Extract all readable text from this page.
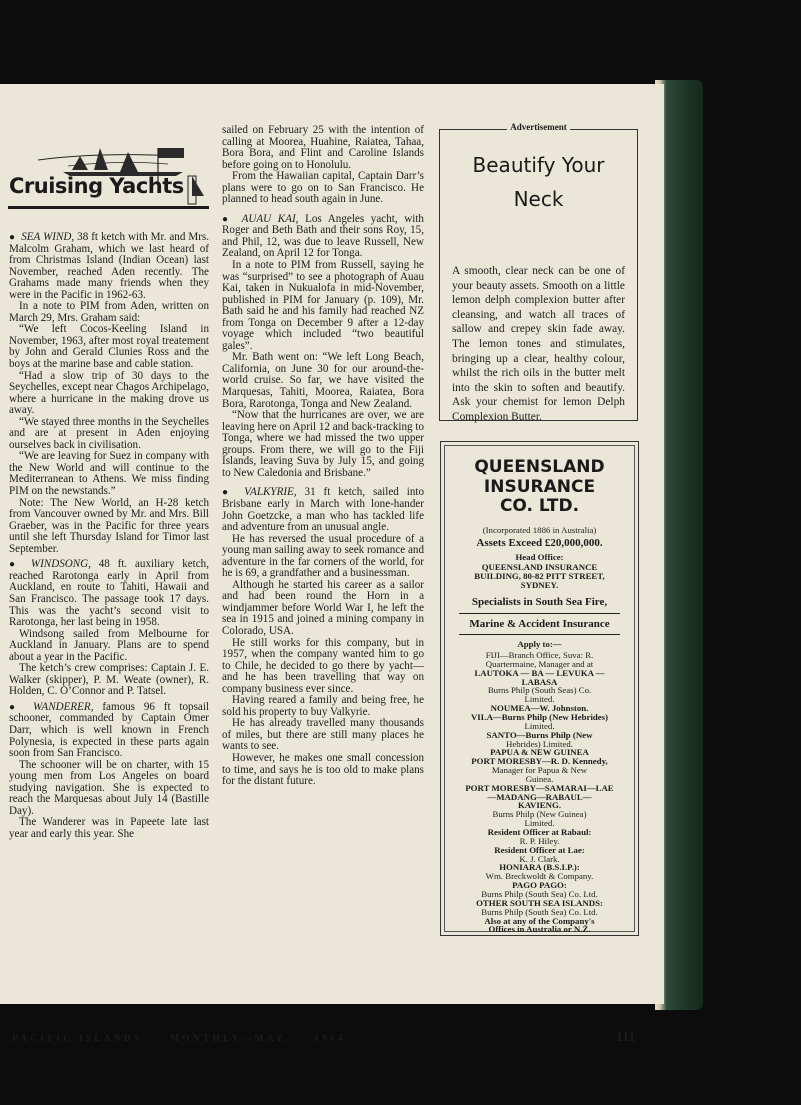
Cruising Yachts

● SEA WIND, 38 ft ketch with Mr. and Mrs. Malcolm Graham, which we last heard of from Christmas Island (Indian Ocean) last November, reached Aden recently. The Grahams made many friends when they were in the Pacific in 1962-63.

In a note to PIM from Aden, written on March 29, Mrs. Graham said:

“We left Cocos-Keeling Island in November, 1963, after most royal treatement by John and Gerald Clunies Ross and the boys at the marine base and cable station.

“Had a slow trip of 30 days to the Seychelles, except near Chagos Archipelago, where a hurricane in the making drove us away.

“We stayed three months in the Seychelles and are at present in Aden enjoying ourselves back in civilisation.

“We are leaving for Suez in company with the New World and will continue to the Mediterranean to Athens. We miss finding PIM on the newstands.”

Note: The New World, an H-28 ketch from Vancouver owned by Mr. and Mrs. Bill Graeber, was in the Pacific for three years until she left Thursday Island for Timor last September.

● WINDSONG, 48 ft. auxiliary ketch, reached Rarotonga early in April from Auckland, en route to Tahiti, Hawaii and San Francisco. The passage took 17 days. This was the yacht’s second visit to Rarotonga, her last being in 1958.

Windsong sailed from Melbourne for Auckland in January. Plans are to spend about a year in the Pacific.

The ketch’s crew comprises: Captain J. E. Walker (skipper), P. M. Weate (owner), R. Holden, C. O’Connor and P. Tatsel.

● WANDERER, famous 96 ft topsail schooner, commanded by Captain Omer Darr, which is well known in French Polynesia, is expected in these parts again soon from San Francisco.

The schooner will be on charter, with 15 young men from Los Angeles on board studying navigation. She is expected to reach the Marquesas about July 14 (Bastille Day).

The Wanderer was in Papeete late last year and early this year. She

sailed on February 25 with the intention of calling at Moorea, Huahine, Raiatea, Tahaa, Bora Bora, and Flint and Caroline Islands before going on to Honolulu.

From the Hawaiian capital, Captain Darr’s plans were to go on to San Francisco. He planned to head south again in June.

● AUAU KAI, Los Angeles yacht, with Roger and Beth Bath and their sons Roy, 15, and Phil, 12, was due to leave Russell, New Zealand, on April 12 for Tonga.

In a note to PIM from Russell, saying he was “surprised” to see a photograph of Auau Kai, taken in Nukualofa in mid-November, published in PIM for January (p. 109), Mr. Bath said he and his family had reached NZ from Tonga on December 9 after a 12-day voyage which included “two beautiful gales”.

Mr. Bath went on: “We left Long Beach, California, on June 30 for our around-the-world cruise. So far, we have visited the Marquesas, Tahiti, Moorea, Raiatea, Bora Bora, Rarotonga, Tonga and New Zealand.

“Now that the hurricanes are over, we are leaving here on April 12 and back-tracking to Tonga, where we had missed the two upper groups. From there, we will go to the Fiji Islands, leaving Suva by July 15, and going to New Caledonia and Brisbane.”

● VALKYRIE, 31 ft ketch, sailed into Brisbane early in March with lone-hander John Goetzcke, a man who has tackled life and adventure from an unusual angle.

He has reversed the usual procedure of a young man sailing away to seek romance and adventure in the far corners of the world, for he is 69, a grandfather and a businessman.

Although he started his career as a sailor and had been round the Horn in a windjammer before World War I, he left the sea in 1915 and joined a mining company in Colorado, USA.

He still works for this company, but in 1957, when the company wanted him to go to Chile, he decided to go there by yacht—and he has been travelling that way on company business ever since.

Having reared a family and being free, he sold his property to buy Valkyrie.

He has already travelled many thousands of miles, but there are still many places he wants to see.

However, he makes one small concession to time, and says he is too old to make plans for the distant future.

Advertisement
Beautify Your
Neck
A smooth, clear neck can be one of your beauty assets. Smooth on a little lemon delph complexion butter after cleansing, and watch all traces of sallow and crepey skin fade away. The lemon tones and stimulates, bringing up a clear, healthy colour, whilst the rich oils in the butter melt into the skin to soften and beautify. Ask your chemist for lemon Delph Complexion Butter.
QUEENSLAND
INSURANCE
CO. LTD.
(Incorporated 1886 in Australia)
Assets Exceed £20,000,000.
Head Office:
QUEENSLAND INSURANCE
BUILDING, 80-82 PITT STREET,
SYDNEY.
Specialists in South Sea Fire,
Marine & Accident Insurance
Apply to:—
FIJI—Branch Office, Suva: R.
Quartermaine, Manager and at
LAUTOKA — BA — LEVUKA —
LABASA
Burns Philp (South Seas) Co.
Limited.
NOUMEA—W. Johnston.
VILA—Burns Philp (New Hebrides)
Limited.
SANTO—Burns Philp (New
Hebrides) Limited.
PAPUA & NEW GUINEA
PORT MORESBY—R. D. Kennedy,
Manager for Papua & New
Guinea.
PORT MORESBY—SAMARAI—LAE
—MADANG—RABAUL—
KAVIENG.
Burns Philp (New Guinea)
Limited.
Resident Officer at Rabaul:
R. P. Hiley.
Resident Officer at Lae:
K. J. Clark.
HONIARA (B.S.I.P.):
Wm. Breckwoldt & Company.
PAGO PAGO:
Burns Philp (South Sea) Co. Ltd.
OTHER SOUTH SEA ISLANDS:
Burns Philp (South Sea) Co. Ltd.
Also at any of the Company's
Offices in Australia or N.Z.
PACIFIC ISLANDS	MONTHLY—MAY, 1964	111
